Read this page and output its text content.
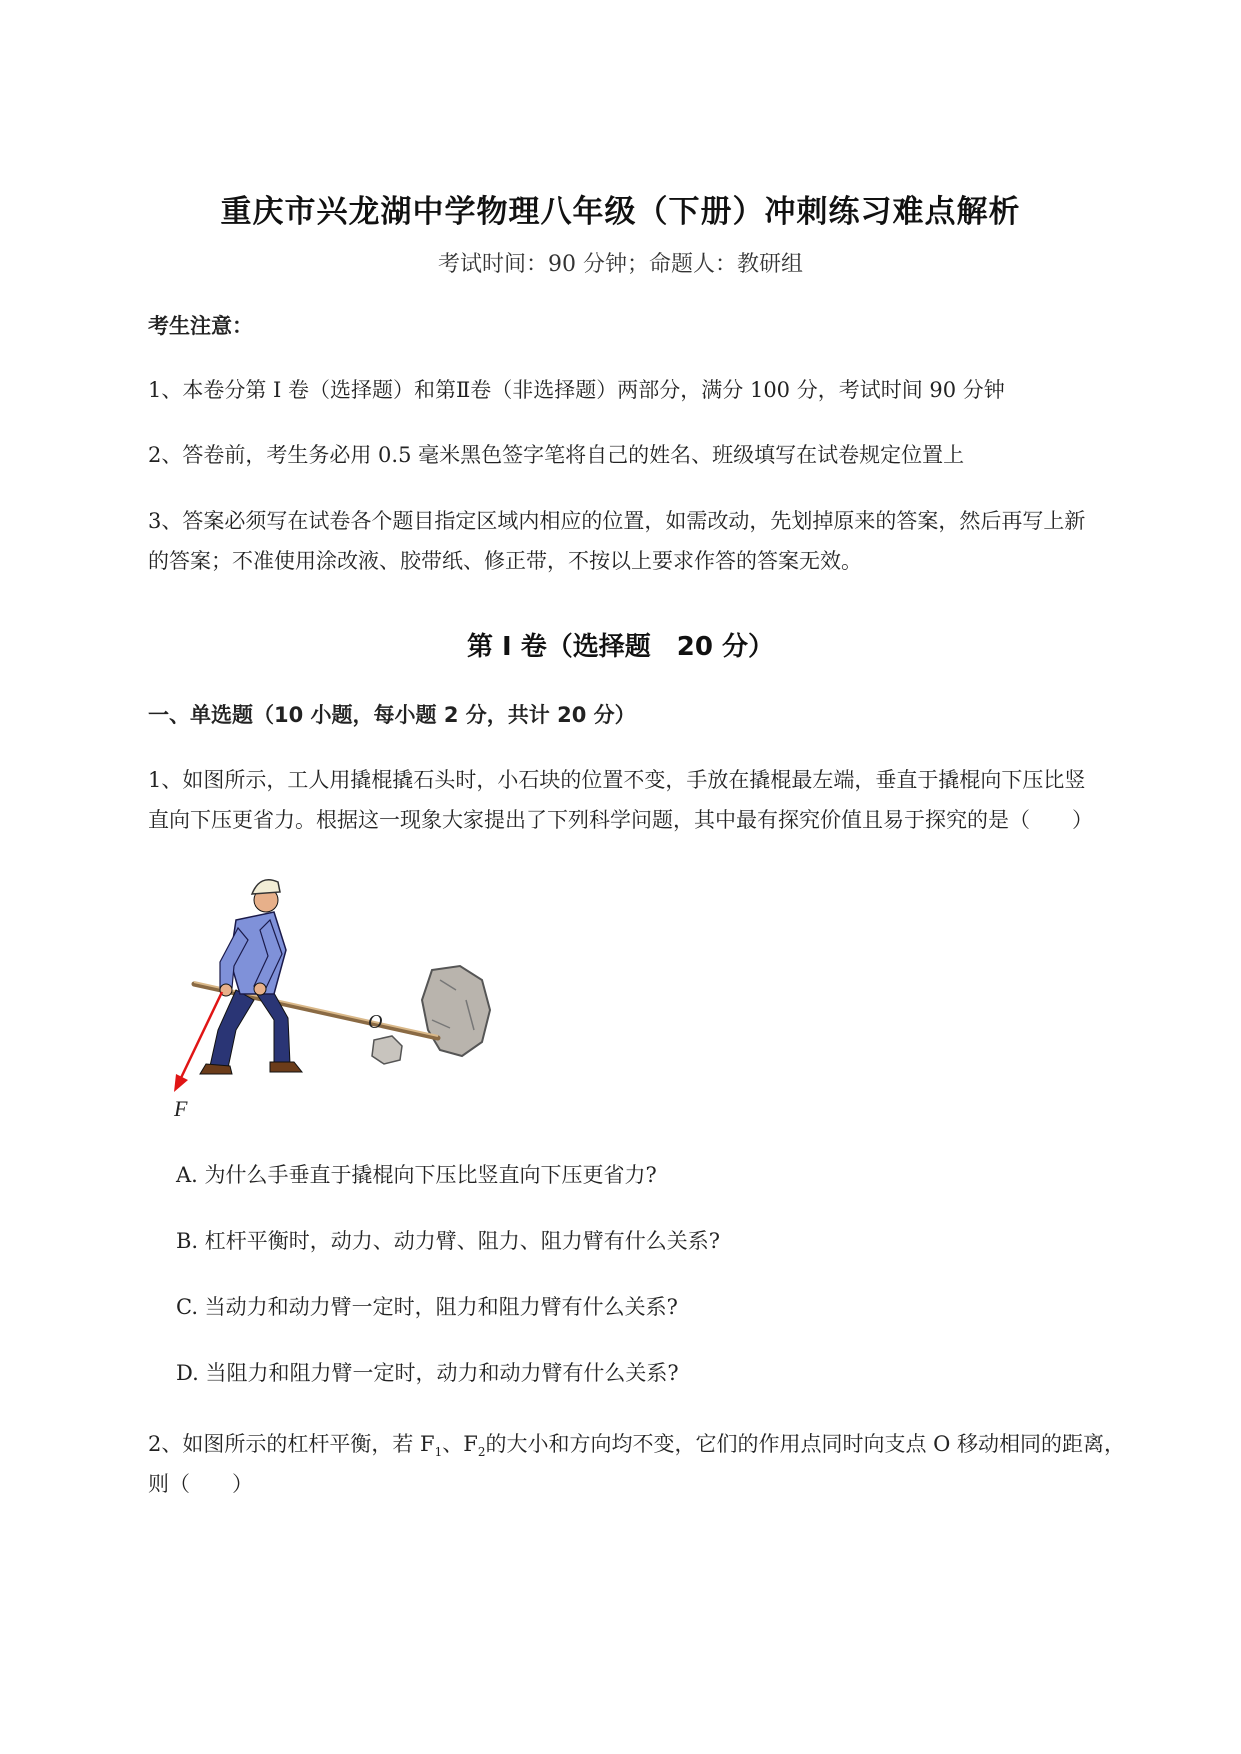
重庆市兴龙湖中学物理八年级（下册）冲刺练习难点解析
考试时间：90 分钟；命题人：教研组
考生注意：
1、本卷分第 I 卷（选择题）和第Ⅱ卷（非选择题）两部分，满分 100 分，考试时间 90 分钟
2、答卷前，考生务必用 0.5 毫米黑色签字笔将自己的姓名、班级填写在试卷规定位置上
3、答案必须写在试卷各个题目指定区域内相应的位置，如需改动，先划掉原来的答案，然后再写上新
的答案；不准使用涂改液、胶带纸、修正带，不按以上要求作答的答案无效。
第 I 卷（选择题　20 分）
一、单选题（10 小题，每小题 2 分，共计 20 分）
1、如图所示，工人用撬棍撬石头时，小石块的位置不变，手放在撬棍最左端，垂直于撬棍向下压比竖
直向下压更省力。根据这一现象大家提出了下列科学问题，其中最有探究价值且易于探究的是（　　）
O
F
A. 为什么手垂直于撬棍向下压比竖直向下压更省力?
B. 杠杆平衡时，动力、动力臂、阻力、阻力臂有什么关系?
C. 当动力和动力臂一定时，阻力和阻力臂有什么关系?
D. 当阻力和阻力臂一定时，动力和动力臂有什么关系?
2、如图所示的杠杆平衡，若 $F_1$、$F_2$的大小和方向均不变，它们的作用点同时向支点 O 移动相同的距离，
则（　　）
